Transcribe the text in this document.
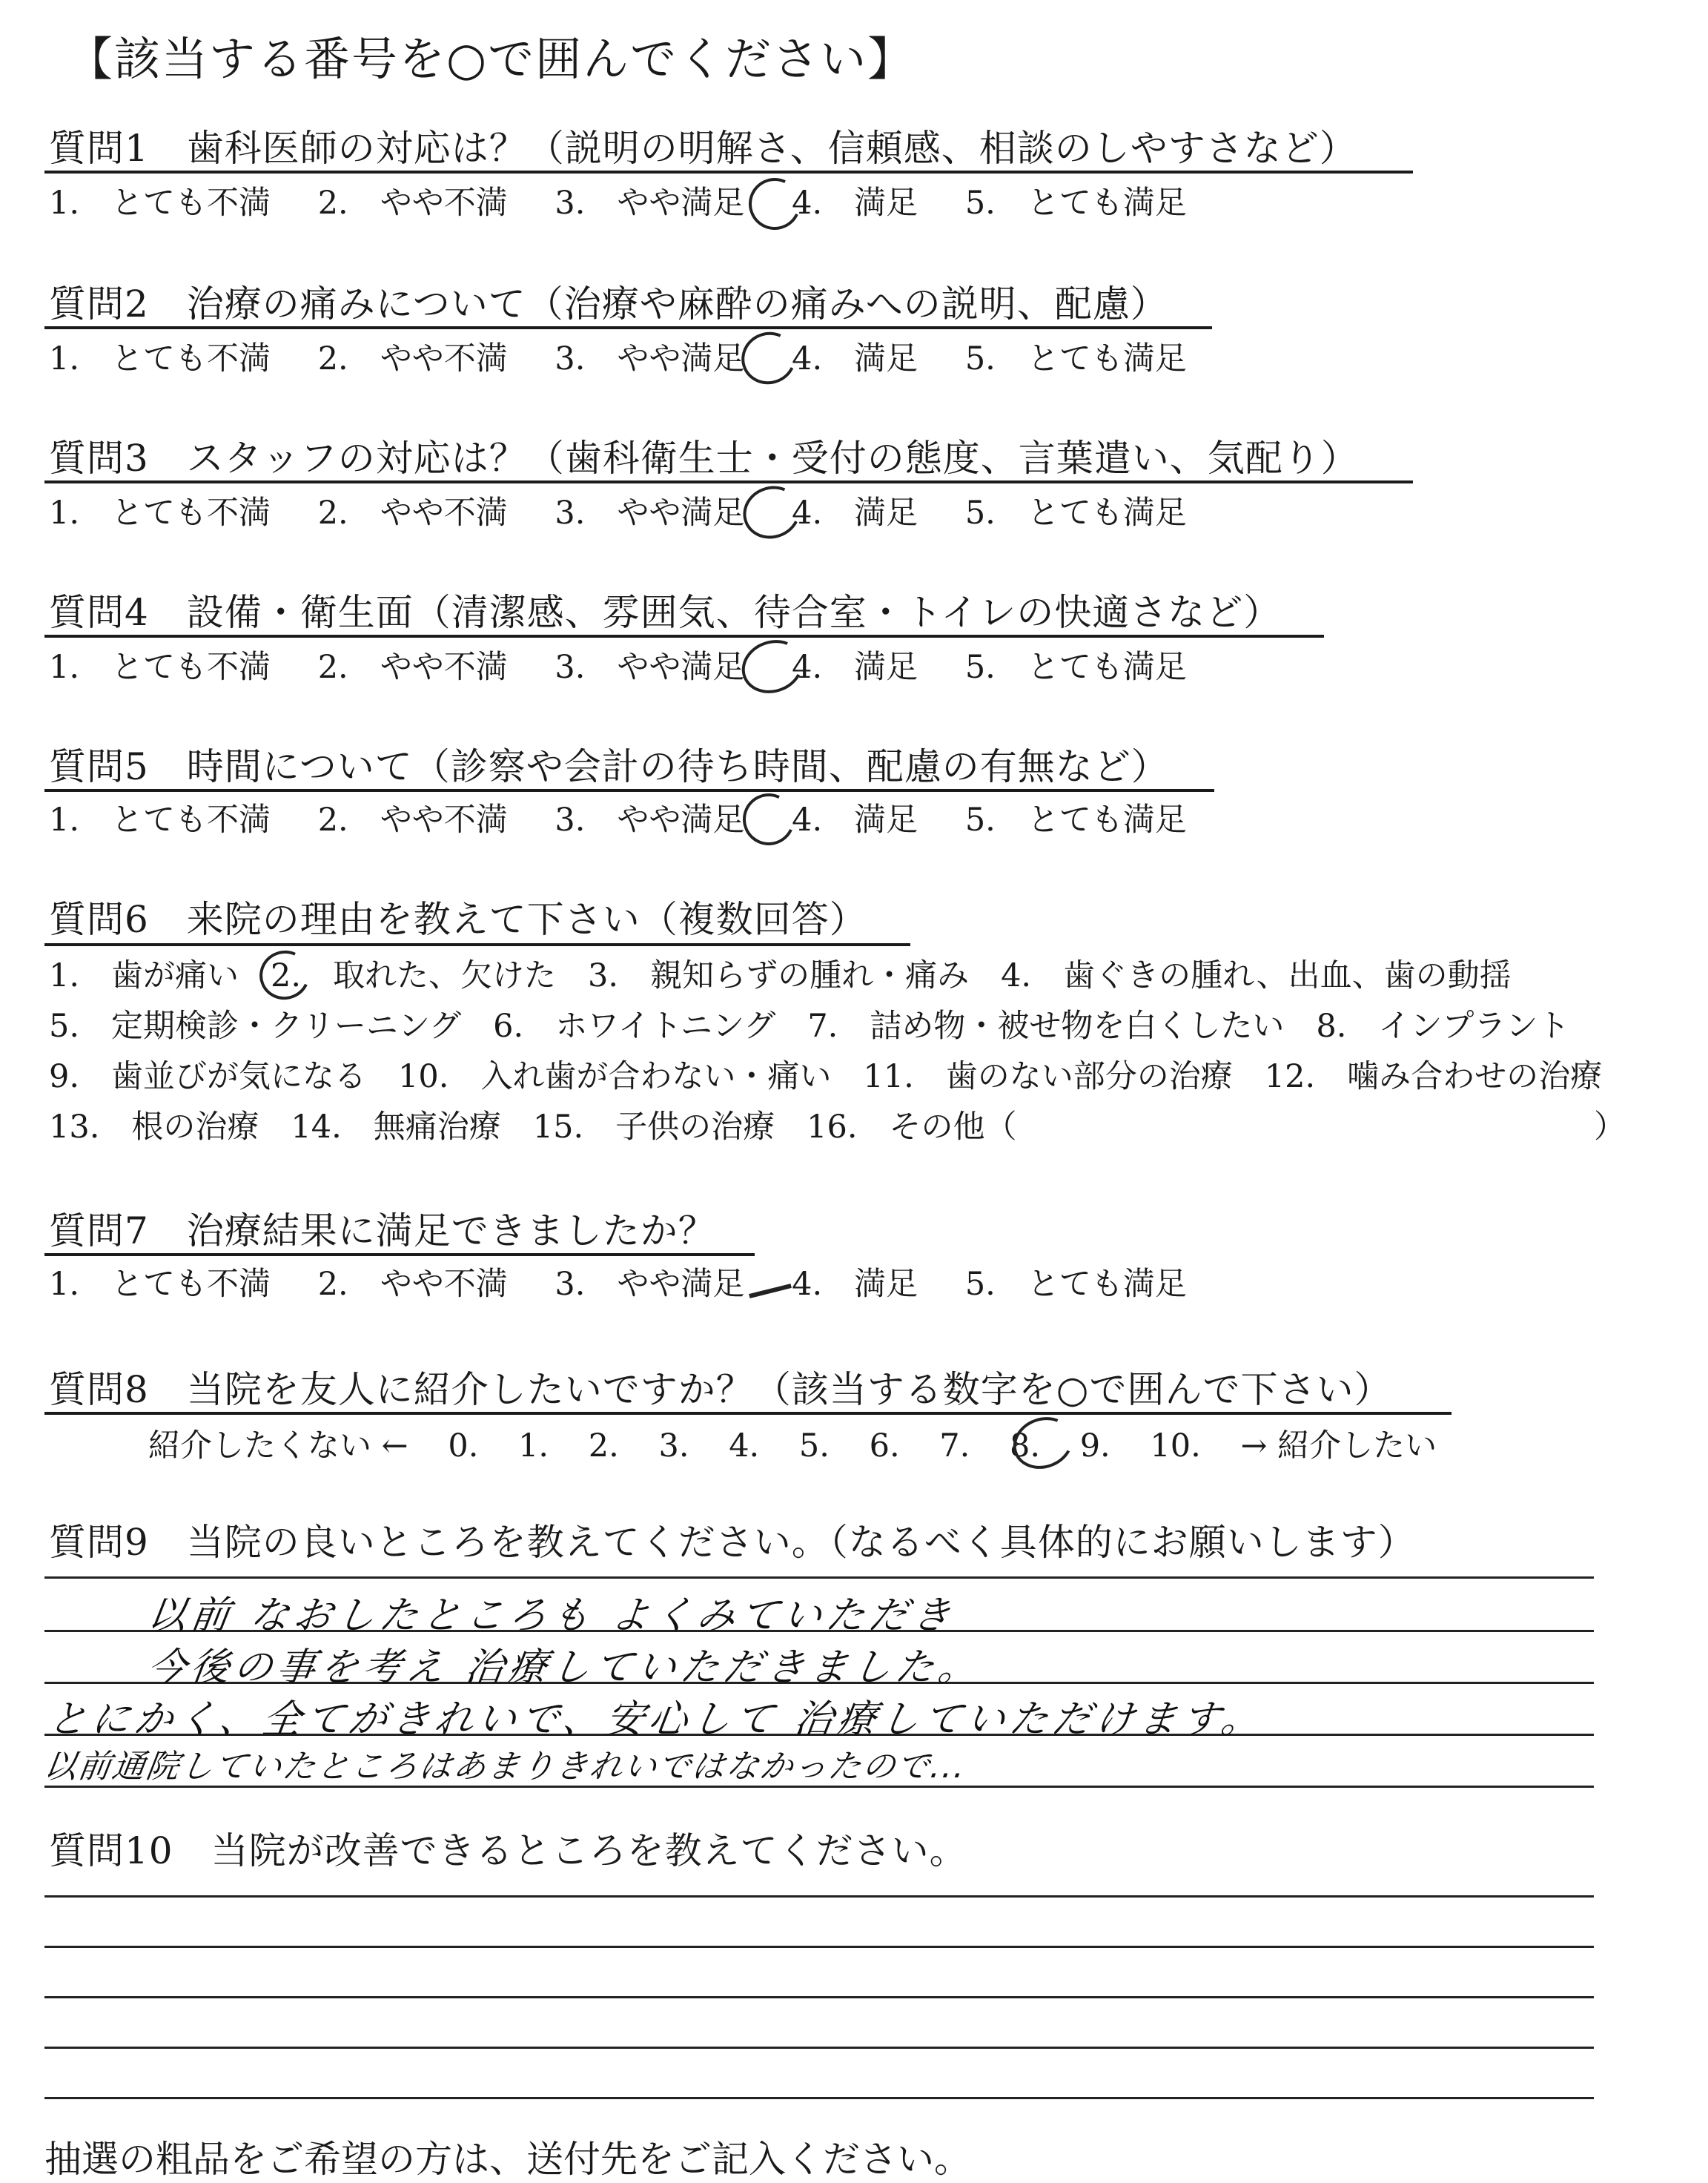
【該当する番号を○で囲んでください】
質問1　歯科医師の対応は？（説明の明解さ、信頼感、相談のしやすさなど）
1.　とても不満 2.　やや不満 3.　やや満足 4.　満足 5.　とても満足
質問2　治療の痛みについて（治療や麻酔の痛みへの説明、配慮）
1.　とても不満 2.　やや不満 3.　やや満足 4.　満足 5.　とても満足
質問3　スタッフの対応は？（歯科衛生士・受付の態度、言葉遣い、気配り）
1.　とても不満 2.　やや不満 3.　やや満足 4.　満足 5.　とても満足
質問4　設備・衛生面（清潔感、雰囲気、待合室・トイレの快適さなど）
1.　とても不満 2.　やや不満 3.　やや満足 4.　満足 5.　とても満足
質問5　時間について（診察や会計の待ち時間、配慮の有無など）
1.　とても不満 2.　やや不満 3.　やや満足 4.　満足 5.　とても満足
質問6　来院の理由を教えて下さい（複数回答）
1.　歯が痛い　2.　取れた、欠けた　3.　親知らずの腫れ・痛み　4.　歯ぐきの腫れ、出血、歯の動揺
5.　定期検診・クリーニング　6.　ホワイトニング　7.　詰め物・被せ物を白くしたい　8.　インプラント
9.　歯並びが気になる　10.　入れ歯が合わない・痛い　11.　歯のない部分の治療　12.　噛み合わせの治療
13.　根の治療　14.　無痛治療　15.　子供の治療　16.　その他（	）
質問7　治療結果に満足できましたか？
1.　とても不満 2.　やや不満 3.　やや満足 4.　満足 5.　とても満足
質問8　当院を友人に紹介したいですか？（該当する数字を○で囲んで下さい）
紹介したくない ← 0. 1. 2. 3. 4. 5. 6. 7. 8. 9. 10. → 紹介したい
質問9　当院の良いところを教えてください。（なるべく具体的にお願いします）
以前 なおしたところも よくみていただき
今後の事を考え 治療していただきました。
とにかく、全てがきれいで、安心して 治療していただけます。
以前通院していたところはあまりきれいではなかったので...
質問10　当院が改善できるところを教えてください。
抽選の粗品をご希望の方は、送付先をご記入ください。
